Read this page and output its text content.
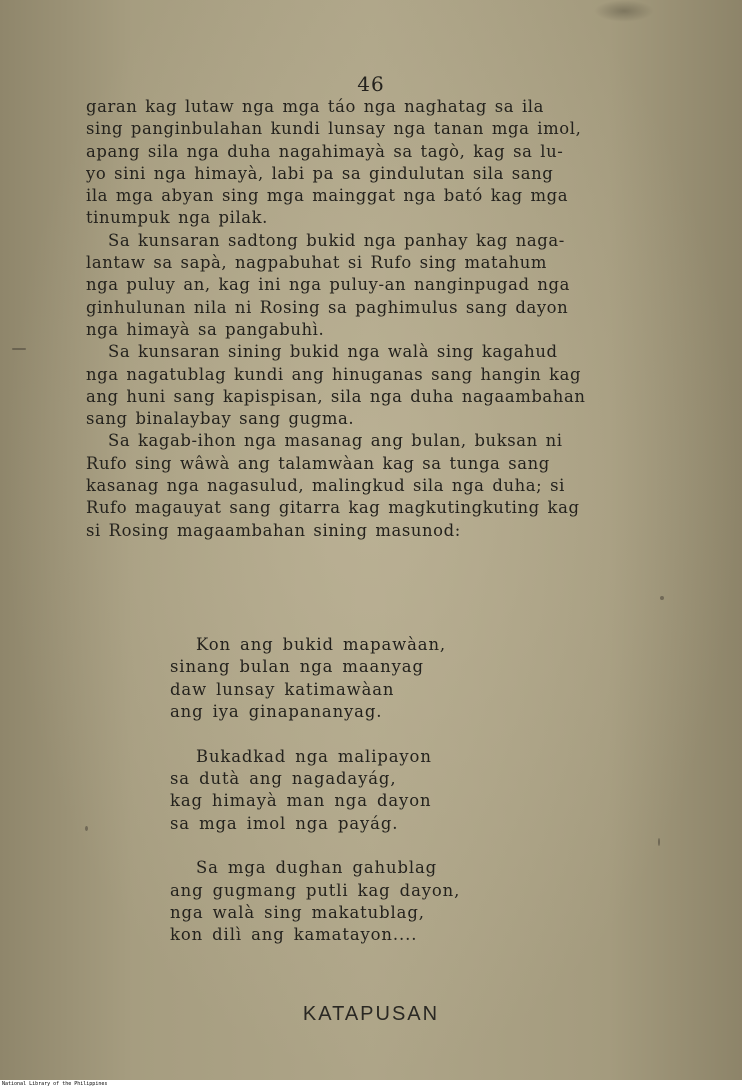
46
garan kag lutaw nga mga táo nga naghatag sa ila
sing panginbulahan kundi lunsay nga tanan mga imol,
apang sila nga duha nagahimayà sa tagò, kag sa lu-
yo sini nga himayà, labi pa sa gindulutan sila sang
ila mga abyan sing mga mainggat nga bató kag mga
tinumpuk nga pilak.
Sa kunsaran sadtong bukid nga panhay kag naga-
lantaw sa sapà, nagpabuhat si Rufo sing matahum
nga puluy an, kag ini nga puluy-an nanginpugad nga
ginhulunan nila ni Rosing sa paghimulus sang dayon
nga himayà sa pangabuhì.
Sa kunsaran sining bukid nga walà sing kagahud
nga nagatublag kundi ang hinuganas sang hangin kag
ang huni sang kapispisan, sila nga duha nagaambahan
sang binalaybay sang gugma.
Sa kagab-ihon nga masanag ang bulan, buksan ni
Rufo sing wâwà ang talamwàan kag sa tunga sang
kasanag nga nagasulud, malingkud sila nga duha; si
Rufo magauyat sang gitarra kag magkutingkuting kag
si Rosing magaambahan sining masunod:
Kon ang bukid mapawàan,
sinang bulan nga maanyag
daw lunsay katimawàan
ang iya ginapananyag.
Bukadkad nga malipayon
sa dutà ang nagadayág,
kag himayà man nga dayon
sa mga imol nga payág.
Sa mga dughan gahublag
ang gugmang putli kag dayon,
nga walà sing makatublag,
kon dilì ang kamatayon....
KATAPUSAN
National Library of the Philippines
